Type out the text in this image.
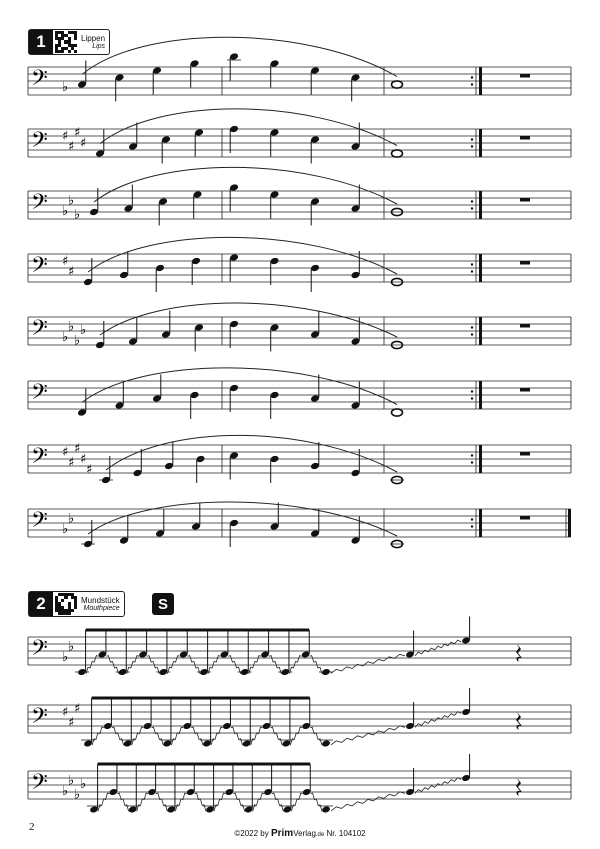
𝄢 ♭
𝄢 ♯
♯
♯
♯
𝄢 ♭
♭
♭
𝄢 ♯
♯
𝄢 ♭
♭
♭
♭
𝄢
𝄢 ♯
♯
♯
♯
♯
𝄢 ♭
♭
𝄢 ♭
♭
𝄢 ♯
♯
♯
𝄢 ♭
♭
♭
♭
1	Lippen
Lips
2	Mundstück
Mouthpiece	S
2
©2022 by PrimVerlag.de Nr. 104102
